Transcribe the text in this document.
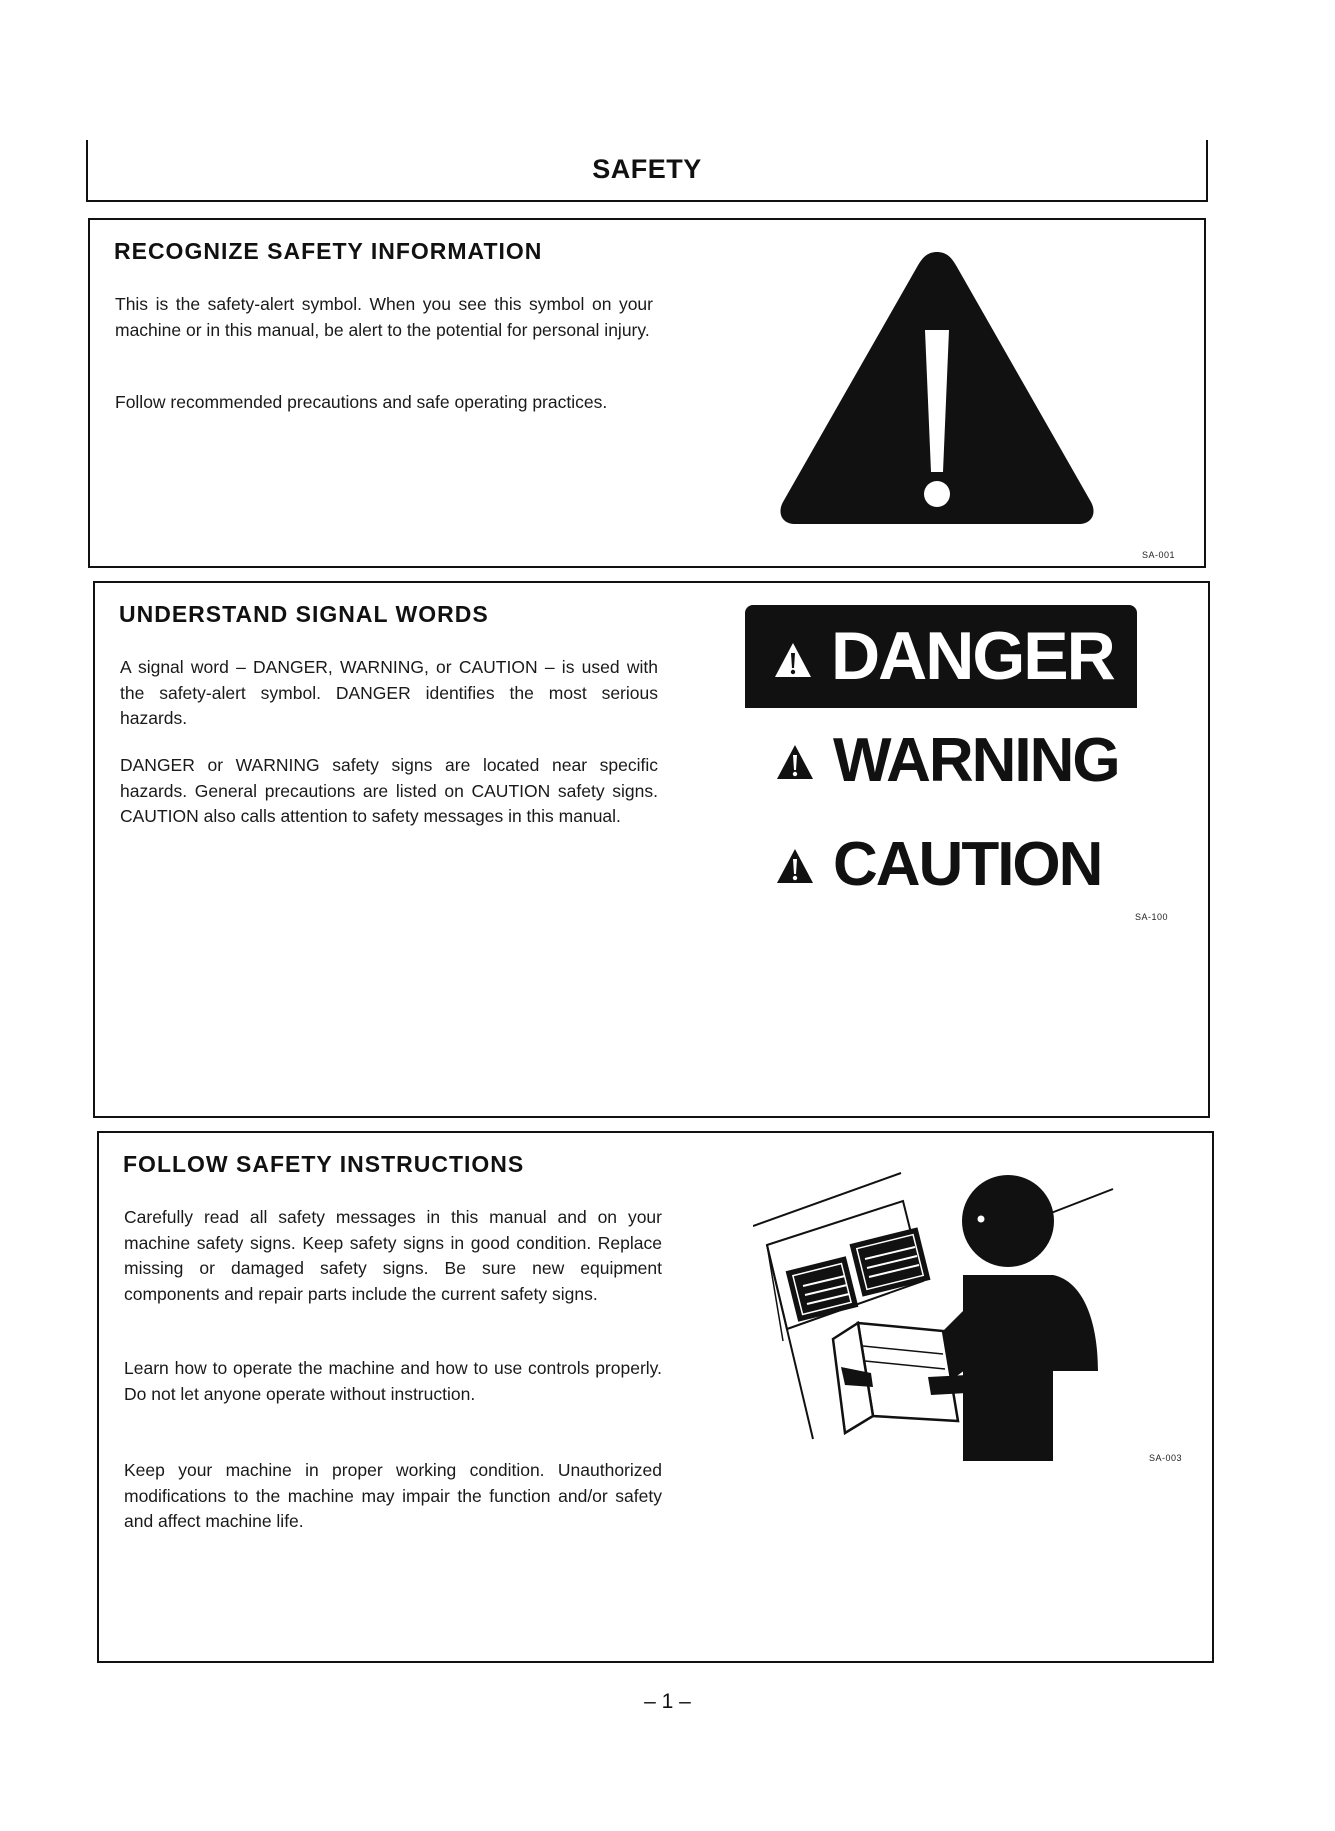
SAFETY
RECOGNIZE SAFETY INFORMATION

This is the safety-alert symbol. When you see this symbol on your machine or in this manual, be alert to the potential for personal injury.

Follow recommended precautions and safe operating practices.

SA-001
UNDERSTAND SIGNAL WORDS

A signal word – DANGER, WARNING, or CAUTION – is used with the safety-alert symbol. DANGER identifies the most serious hazards.

DANGER or WARNING safety signs are located near specific hazards. General precautions are listed on CAUTION safety signs. CAUTION also calls attention to safety messages in this manual.

DANGER
WARNING
CAUTION
SA-100
FOLLOW SAFETY INSTRUCTIONS

Carefully read all safety messages in this manual and on your machine safety signs. Keep safety signs in good condition. Replace missing or damaged safety signs. Be sure new equipment components and repair parts include the current safety signs.

Learn how to operate the machine and how to use controls properly. Do not let anyone operate without instruction.

Keep your machine in proper working condition. Unauthorized modifications to the machine may impair the function and/or safety and affect machine life.

SA-003
– 1 –
